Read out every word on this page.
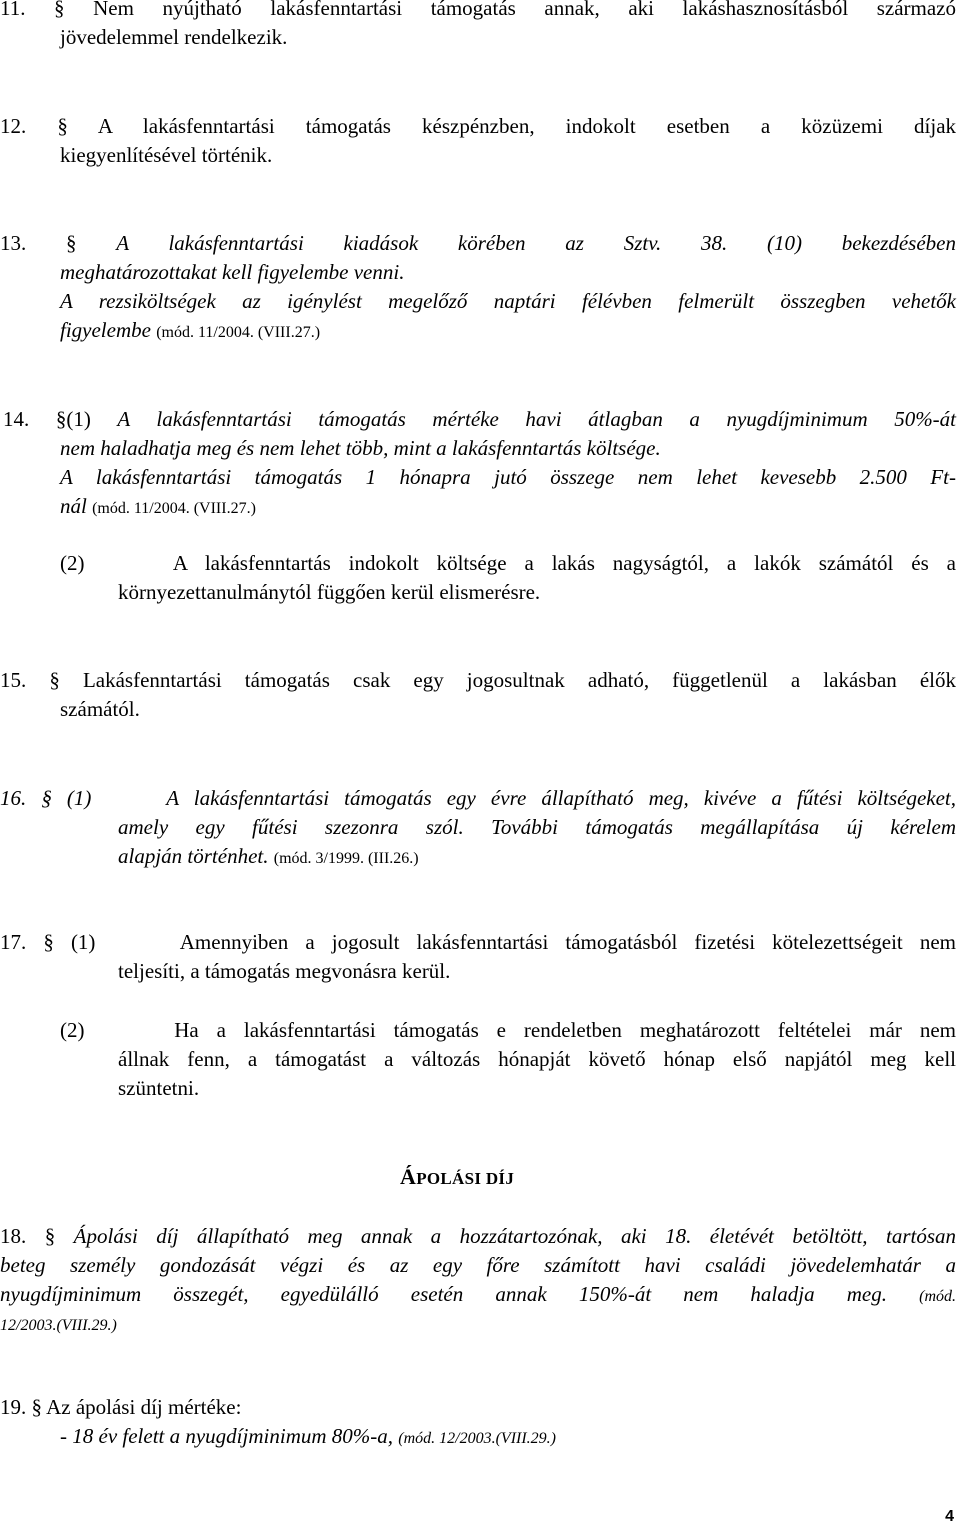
11. § Nem nyújtható lakásfenntartási támogatás annak, aki lakáshasznosításból származó
jövedelemmel rendelkezik.
12. § A lakásfenntartási támogatás készpénzben, indokolt esetben a közüzemi díjak
kiegyenlítésével történik.
13. § A lakásfenntartási kiadások körében az Sztv. 38. (10) bekezdésében
meghatározottakat kell figyelembe venni.
A rezsiköltségek az igénylést megelőző naptári félévben felmerült összegben vehetők
figyelembe (mód. 11/2004. (VIII.27.)
14. §(1) A lakásfenntartási támogatás mértéke havi átlagban a nyugdíjminimum 50%-át
nem haladhatja meg és nem lehet több, mint a lakásfenntartás költsége.
A lakásfenntartási támogatás 1 hónapra jutó összege nem lehet kevesebb 2.500 Ft-
nál (mód. 11/2004. (VIII.27.)
(2)	A lakásfenntartás indokolt költsége a lakás nagyságtól, a lakók számától és a
környezettanulmánytól függően kerül elismerésre.
15. § Lakásfenntartási támogatás csak egy jogosultnak adható, függetlenül a lakásban élők
számától.
16. § (1)	A lakásfenntartási támogatás egy évre állapítható meg, kivéve a fűtési költségeket,
amely egy fűtési szezonra szól. További támogatás megállapítása új kérelem
alapján történhet. (mód. 3/1999. (III.26.)
17. § (1)	Amennyiben a jogosult lakásfenntartási támogatásból fizetési kötelezettségeit nem
teljesíti, a támogatás megvonásra kerül.
(2)	Ha a lakásfenntartási támogatás e rendeletben meghatározott feltételei már nem
állnak fenn, a támogatást a változás hónapját követő hónap első napjától meg kell
szüntetni.
ÁPOLÁSI DÍJ
18. § Ápolási díj állapítható meg annak a hozzátartozónak, aki 18. életévét betöltött, tartósan
beteg személy gondozását végzi és az egy főre számított havi családi jövedelemhatár a
nyugdíjminimum összegét, egyedülálló esetén annak 150%-át nem haladja meg. (mód.
12/2003.(VIII.29.)
19. § Az ápolási díj mértéke:
- 18 év felett a nyugdíjminimum 80%-a, (mód. 12/2003.(VIII.29.)
4
